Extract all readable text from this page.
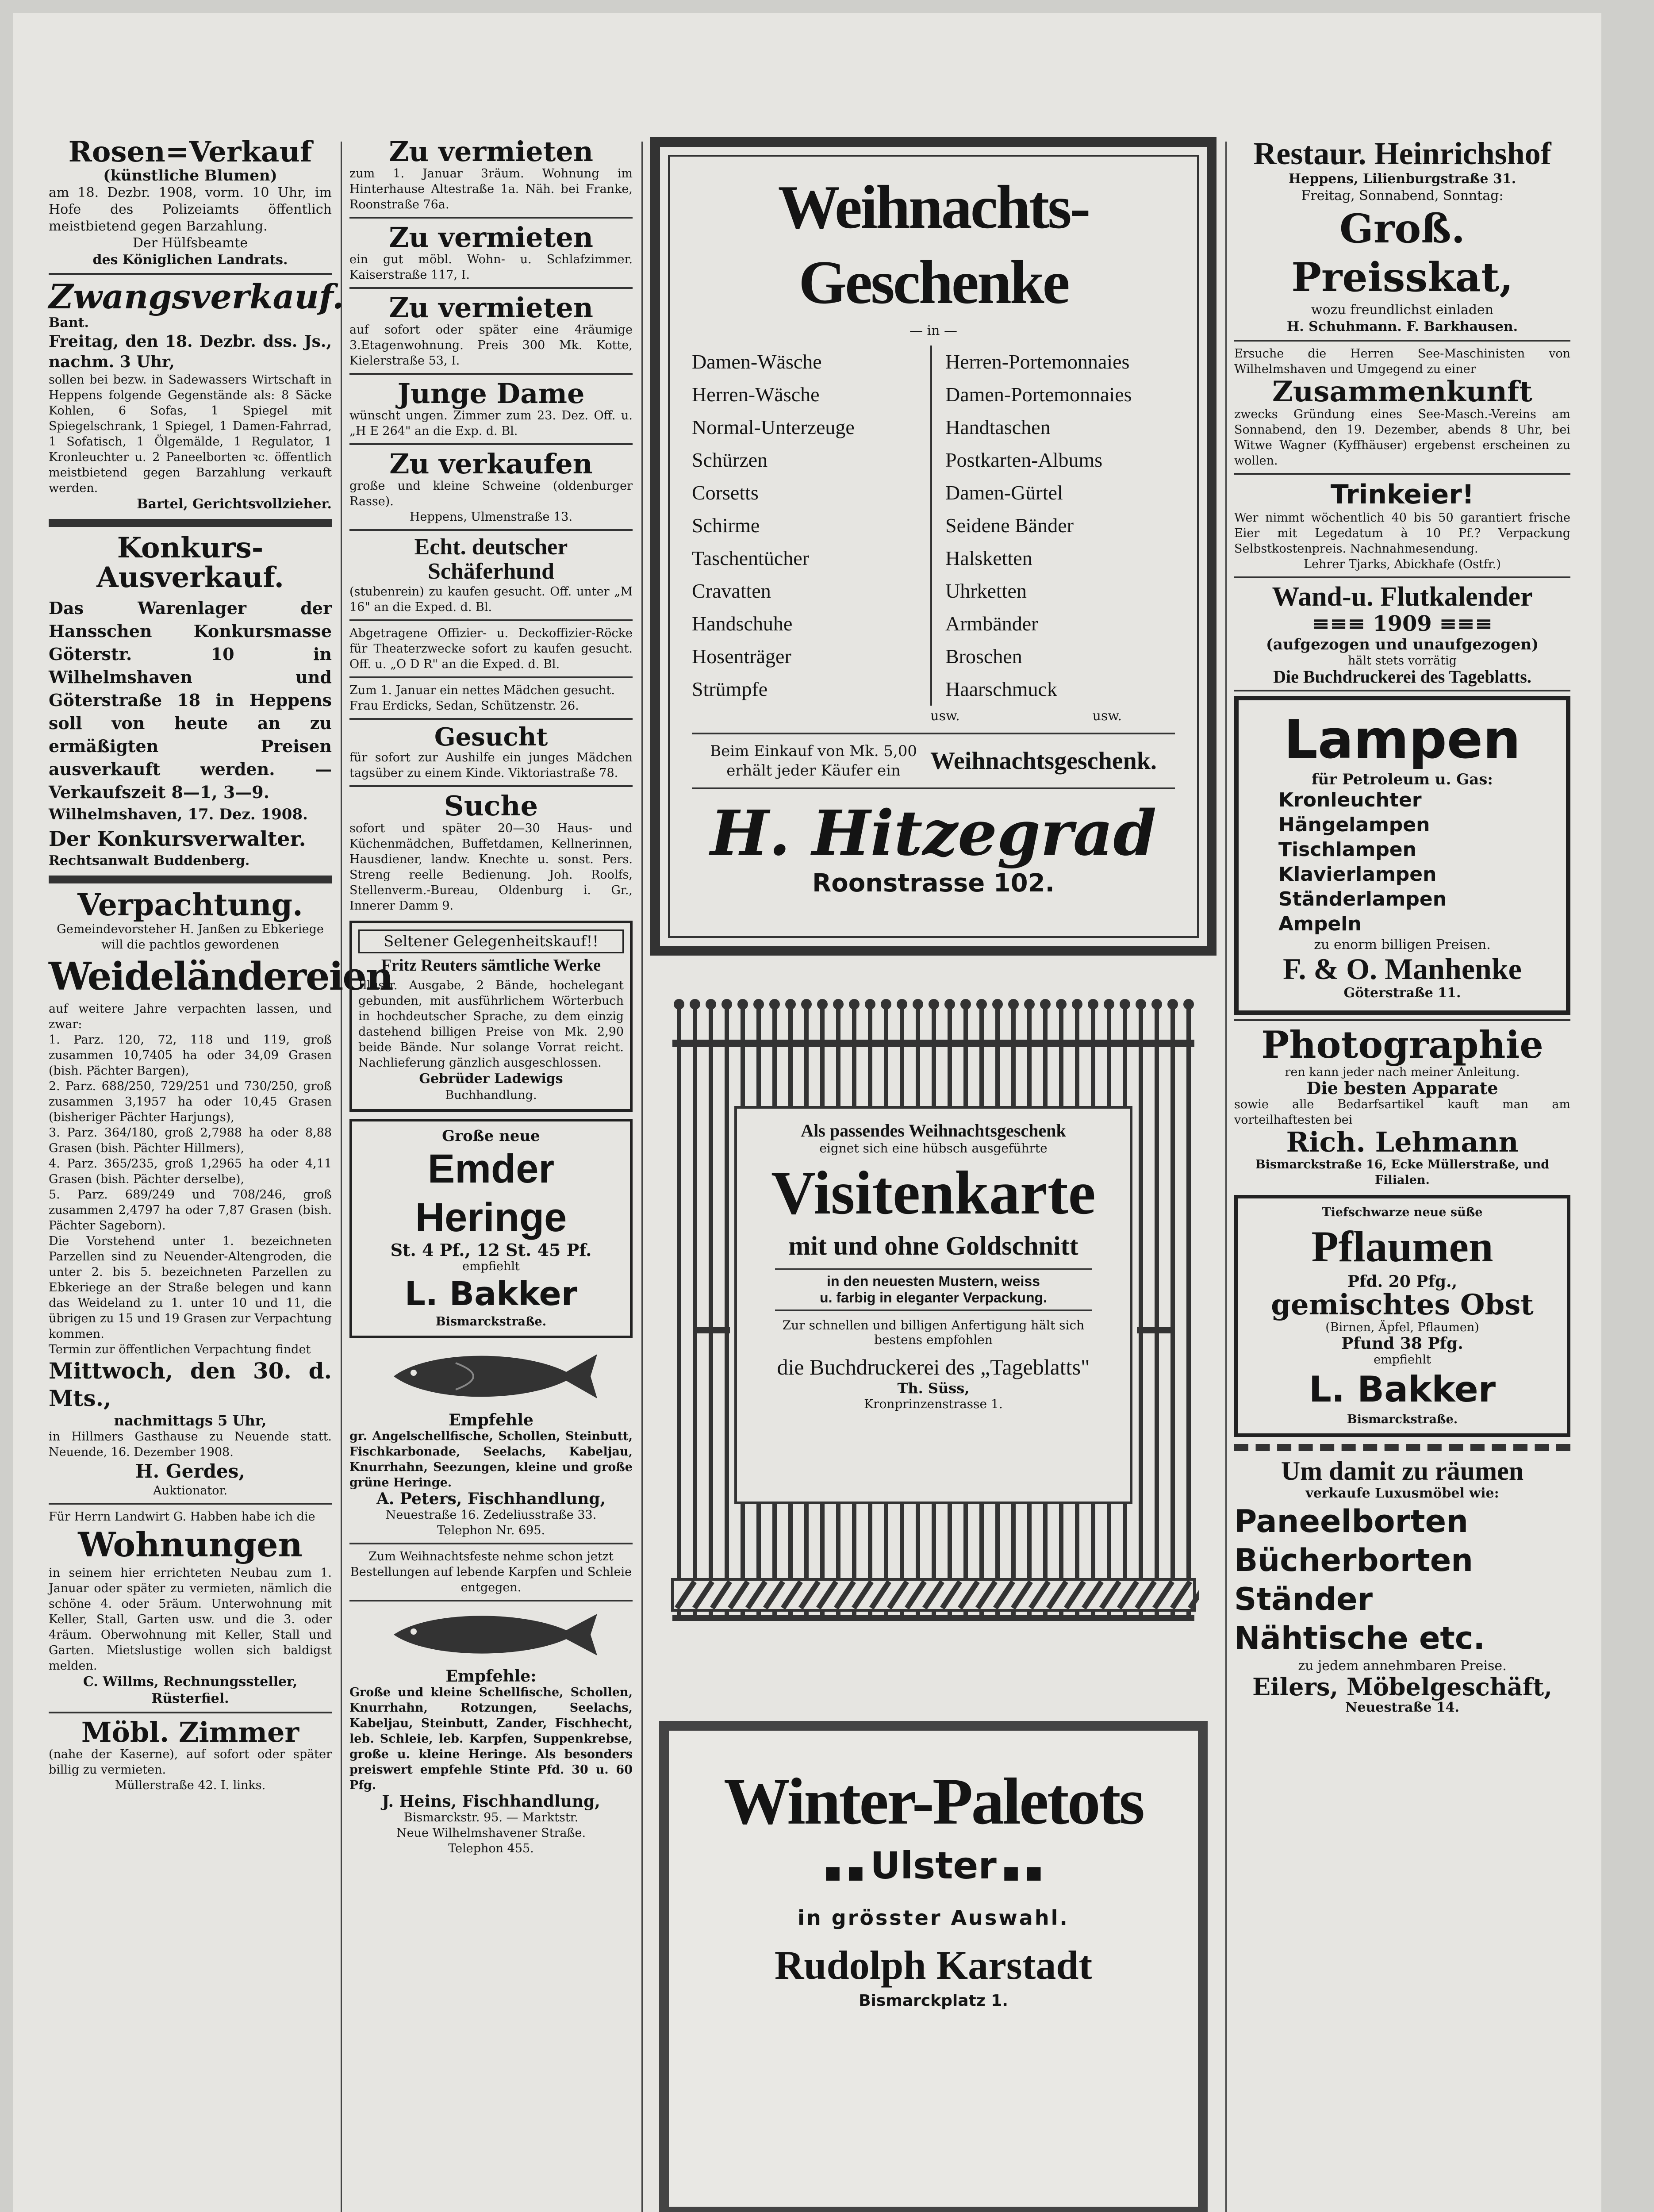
Rosen=Verkauf
(künstliche Blumen)

am 18. Dezbr. 1908, vorm. 10 Uhr, im Hofe des Polizeiamts öffentlich meistbietend gegen Barzahlung.

Der Hülfsbeamte

des Königlichen Landrats.

Zwangsverkauf.

Bant.

Freitag, den 18. Dezbr. dss. Js., nachm. 3 Uhr,

sollen bei bezw. in Sadewassers Wirtschaft in Heppens folgende Gegenstände als: 8 Säcke Kohlen, 6 Sofas, 1 Spiegel mit Spiegelschrank, 1 Spiegel, 1 Damen-Fahrrad, 1 Sofatisch, 1 Ölgemälde, 1 Regulator, 1 Kronleuchter u. 2 Paneelborten ꝛc. öffentlich meistbietend gegen Barzahlung verkauft werden.

Bartel, Gerichtsvollzieher.

Konkurs-Ausverkauf.

Das Warenlager der Hansschen Konkursmasse Göterstr. 10 in Wilhelmshaven und Göterstraße 18 in Heppens soll von heute an zu ermäßigten Preisen ausverkauft werden. — Verkaufszeit 8—1, 3—9.

Wilhelmshaven, 17. Dez. 1908.

Der Konkursverwalter.

Rechtsanwalt Buddenberg.

Verpachtung.

Gemeindevorsteher H. Janßen zu Ebkeriege will die pachtlos gewordenen

Weideländereien

auf weitere Jahre verpachten lassen, und zwar:

1. Parz. 120, 72, 118 und 119, groß zusammen 10,7405 ha oder 34,09 Grasen (bish. Pächter Bargen),
2. Parz. 688/250, 729/251 und 730/250, groß zusammen 3,1957 ha oder 10,45 Grasen (bisheriger Pächter Harjungs),
3. Parz. 364/180, groß 2,7988 ha oder 8,88 Grasen (bish. Pächter Hillmers),
4. Parz. 365/235, groß 1,2965 ha oder 4,11 Grasen (bish. Pächter derselbe),
5. Parz. 689/249 und 708/246, groß zusammen 2,4797 ha oder 7,87 Grasen (bish. Pächter Sageborn).

Die Vorstehend unter 1. bezeichneten Parzellen sind zu Neuender-Altengroden, die unter 2. bis 5. bezeichneten Parzellen zu Ebkeriege an der Straße belegen und kann das Weideland zu 1. unter 10 und 11, die übrigen zu 15 und 19 Grasen zur Verpachtung kommen.

Termin zur öffentlichen Verpachtung findet

Mittwoch, den 30. d. Mts.,

nachmittags 5 Uhr,

in Hillmers Gasthause zu Neuende statt. Neuende, 16. Dezember 1908.

H. Gerdes,

Auktionator.

Für Herrn Landwirt G. Habben habe ich die

Wohnungen

in seinem hier errichteten Neubau zum 1. Januar oder später zu vermieten, nämlich die schöne 4. oder 5räum. Unterwohnung mit Keller, Stall, Garten usw. und die 3. oder 4räum. Oberwohnung mit Keller, Stall und Garten. Mietslustige wollen sich baldigst melden.

C. Willms, Rechnungssteller, Rüsterfiel.

Möbl. Zimmer

(nahe der Kaserne), auf sofort oder später billig zu vermieten.

Müllerstraße 42. I. links.

Zu vermieten

zum 1. Januar 3räum. Wohnung im Hinterhause Altestraße 1a. Näh. bei Franke, Roonstraße 76a.

Zu vermieten

ein gut möbl. Wohn- u. Schlafzimmer. Kaiserstraße 117, I.

Zu vermieten

auf sofort oder später eine 4räumige 3.Etagenwohnung. Preis 300 Mk. Kotte, Kielerstraße 53, I.

Junge Dame

wünscht ungen. Zimmer zum 23. Dez. Off. u. „H E 264" an die Exp. d. Bl.

Zu verkaufen

große und kleine Schweine (oldenburger Rasse).

Heppens, Ulmenstraße 13.

Echt. deutscher Schäferhund

(stubenrein) zu kaufen gesucht. Off. unter „M 16" an die Exped. d. Bl.

Abgetragene Offizier- u. Deckoffizier-Röcke für Theaterzwecke sofort zu kaufen gesucht. Off. u. „O D R" an die Exped. d. Bl.

Zum 1. Januar ein nettes Mädchen gesucht.

Frau Erdicks, Sedan, Schützenstr. 26.

Gesucht

für sofort zur Aushilfe ein junges Mädchen tagsüber zu einem Kinde. Viktoriastraße 78.

Suche

sofort und später 20—30 Haus- und Küchenmädchen, Buffetdamen, Kellnerinnen, Hausdiener, landw. Knechte u. sonst. Pers. Streng reelle Bedienung. Joh. Roolfs, Stellenverm.-Bureau, Oldenburg i. Gr., Innerer Damm 9.

Seltener Gelegenheitskauf!!
Fritz Reuters sämtliche Werke

Illustr. Ausgabe, 2 Bände, hochelegant gebunden, mit ausführlichem Wörterbuch in hochdeutscher Sprache, zu dem einzig dastehend billigen Preise von Mk. 2,90 beide Bände. Nur solange Vorrat reicht. Nachlieferung gänzlich ausgeschlossen.

Gebrüder Ladewigs

Buchhandlung.

Große neue

Emder Heringe

St. 4 Pf., 12 St. 45 Pf.

empfiehlt

L. Bakker

Bismarckstraße.

Empfehle

gr. Angelschellfische, Schollen, Steinbutt, Fischkarbonade, Seelachs, Kabeljau, Knurrhahn, Seezungen, kleine und große grüne Heringe.

A. Peters, Fischhandlung,

Neuestraße 16. Zedeliusstraße 33.

Telephon Nr. 695.

Zum Weihnachtsfeste nehme schon jetzt Bestellungen auf lebende Karpfen und Schleie entgegen.

Empfehle:

Große und kleine Schellfische, Schollen, Knurrhahn, Rotzungen, Seelachs, Kabeljau, Steinbutt, Zander, Fischhecht, leb. Schleie, leb. Karpfen, Suppenkrebse, große u. kleine Heringe. Als besonders preiswert empfehle Stinte Pfd. 30 u. 60 Pfg.

J. Heins, Fischhandlung,

Bismarckstr. 95. — Marktstr.

Neue Wilhelmshavener Straße.

Telephon 455.

Weihnachts-Geschenke
— in —
Damen-Wäsche
Herren-Wäsche
Normal-Unterzeuge
Schürzen
Corsetts
Schirme
Taschentücher
Cravatten
Handschuhe
Hosenträger
Strümpfe
Herren-Portemonnaies
Damen-Portemonnaies
Handtaschen
Postkarten-Albums
Damen-Gürtel
Seidene Bänder
Halsketten
Uhrketten
Armbänder
Broschen
Haarschmuck
usw.	usw.
Beim Einkauf von Mk. 5,00
erhält jeder Käufer ein	Weihnachtsgeschenk.
H. Hitzegrad
Roonstrasse 102.
Als passendes Weihnachtsgeschenk
eignet sich eine hübsch ausgeführte
Visitenkarte
mit und ohne Goldschnitt
in den neuesten Mustern, weiss
u. farbig in eleganter Verpackung.
Zur schnellen und billigen Anfertigung hält sich bestens empfohlen
die Buchdruckerei des „Tageblatts"
Th. Süss,
Kronprinzenstrasse 1.
Winter-Paletots
■ ■ Ulster ■ ■
in grösster Auswahl.
Rudolph Karstadt
Bismarckplatz 1.
Restaur. Heinrichshof

Heppens, Lilienburgstraße 31.

Freitag, Sonnabend, Sonntag:

Groß. Preisskat,

wozu freundlichst einladen

H. Schuhmann. F. Barkhausen.

Ersuche die Herren See-Maschinisten von Wilhelmshaven und Umgegend zu einer

Zusammenkunft

zwecks Gründung eines See-Masch.-Vereins am Sonnabend, den 19. Dezember, abends 8 Uhr, bei Witwe Wagner (Kyffhäuser) ergebenst erscheinen zu wollen.

Trinkeier!

Wer nimmt wöchentlich 40 bis 50 garantiert frische Eier mit Legedatum à 10 Pf.? Verpackung Selbstkostenpreis. Nachnahmesendung.

Lehrer Tjarks, Abickhafe (Ostfr.)

Wand-u. Flutkalender
≡≡≡ 1909 ≡≡≡

(aufgezogen und unaufgezogen)

hält stets vorrätig

Die Buchdruckerei des Tageblatts.

Lampen

für Petroleum u. Gas:

Kronleuchter
Hängelampen
Tischlampen
Klavierlampen
Ständerlampen
Ampeln

zu enorm billigen Preisen.

F. & O. Manhenke

Göterstraße 11.

Photographie

ren kann jeder nach meiner Anleitung.

Die besten Apparate

sowie alle Bedarfsartikel kauft man am vorteilhaftesten bei

Rich. Lehmann

Bismarckstraße 16, Ecke Müllerstraße, und Filialen.

Tiefschwarze neue süße

Pflaumen

Pfd. 20 Pfg.,

gemischtes Obst

(Birnen, Äpfel, Pflaumen)

Pfund 38 Pfg.

empfiehlt

L. Bakker

Bismarckstraße.

Um damit zu räumen

verkaufe Luxusmöbel wie:

Paneelborten
Bücherborten
Ständer
Nähtische etc.

zu jedem annehmbaren Preise.

Eilers, Möbelgeschäft,

Neuestraße 14.
